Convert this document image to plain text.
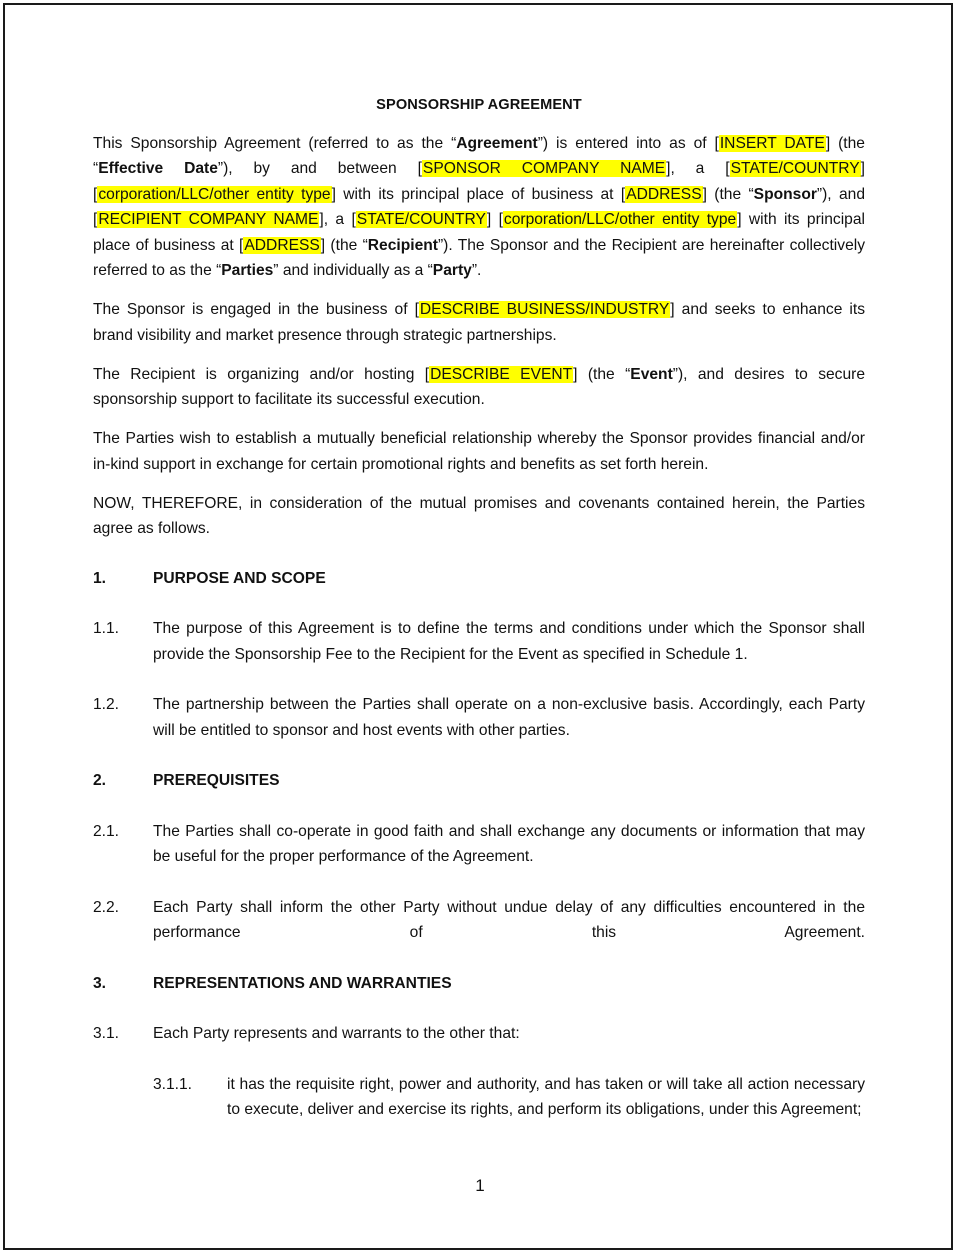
SPONSORSHIP AGREEMENT

This Sponsorship Agreement (referred to as the “Agreement”) is entered into as of [INSERT DATE] (the “Effective Date”), by and between [SPONSOR COMPANY NAME], a [STATE/COUNTRY] [corporation/LLC/other entity type] with its principal place of business at [ADDRESS] (the “Sponsor”), and [RECIPIENT COMPANY NAME], a [STATE/COUNTRY] [corporation/LLC/other entity type] with its principal place of business at [ADDRESS] (the “Recipient”). The Sponsor and the Recipient are hereinafter collectively referred to as the “Parties” and individually as a “Party”.

The Sponsor is engaged in the business of [DESCRIBE BUSINESS/INDUSTRY] and seeks to enhance its brand visibility and market presence through strategic partnerships.

The Recipient is organizing and/or hosting [DESCRIBE EVENT] (the “Event”), and desires to secure sponsorship support to facilitate its successful execution.

The Parties wish to establish a mutually beneficial relationship whereby the Sponsor provides financial and/or in-kind support in exchange for certain promotional rights and benefits as set forth herein.

NOW, THEREFORE, in consideration of the mutual promises and covenants contained herein, the Parties agree as follows.

1.	PURPOSE AND SCOPE
1.1.	The purpose of this Agreement is to define the terms and conditions under which the Sponsor shall provide the Sponsorship Fee to the Recipient for the Event as specified in Schedule 1.
1.2.	The partnership between the Parties shall operate on a non-exclusive basis. Accordingly, each Party will be entitled to sponsor and host events with other parties.
2.	PREREQUISITES
2.1.	The Parties shall co-operate in good faith and shall exchange any documents or information that may be useful for the proper performance of the Agreement.
2.2.	Each Party shall inform the other Party without undue delay of any difficulties encountered in the performance of this Agreement.
3.	REPRESENTATIONS AND WARRANTIES
3.1.	Each Party represents and warrants to the other that:
3.1.1.	it has the requisite right, power and authority, and has taken or will take all action necessary to execute, deliver and exercise its rights, and perform its obligations, under this Agreement;
1
